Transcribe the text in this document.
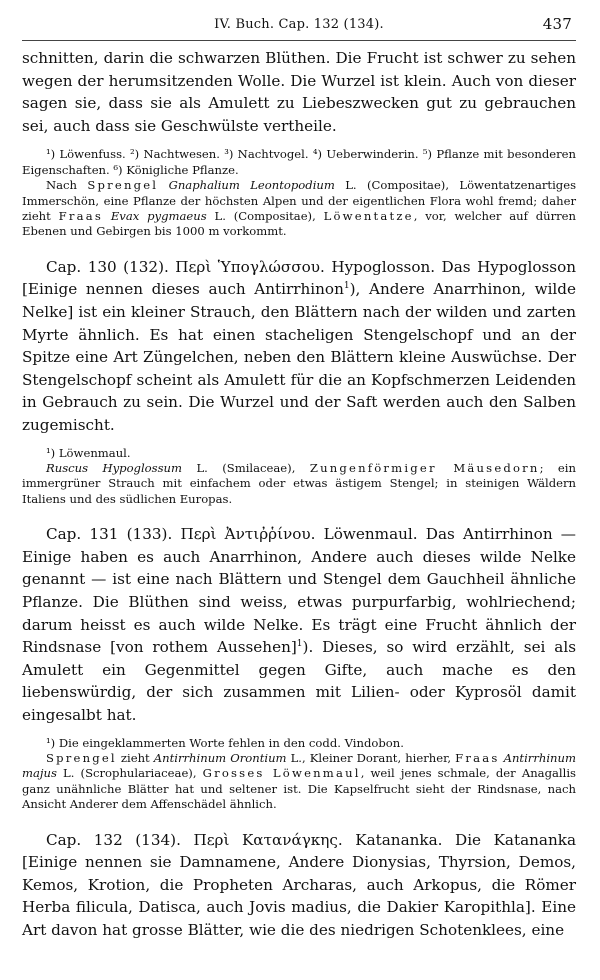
IV. Buch. Cap. 132 (134).	437

schnitten, darin die schwarzen Blüthen. Die Frucht ist schwer zu sehen wegen der herumsitzenden Wolle. Die Wurzel ist klein. Auch von dieser sagen sie, dass sie als Amulett zu Liebeszwecken gut zu gebrauchen sei, auch dass sie Geschwülste vertheile.

¹) Löwenfuss. ²) Nachtwesen. ³) Nachtvogel. ⁴) Ueberwinderin. ⁵) Pflanze mit besonderen Eigenschaften. ⁶) Königliche Pflanze.

Nach Sprengel Gnaphalium Leontopodium L. (Compositae), Löwentatzenartiges Immerschön, eine Pflanze der höchsten Alpen und der eigentlichen Flora wohl fremd; daher zieht Fraas Evax pygmaeus L. (Compositae), Löwentatze, vor, welcher auf dürren Ebenen und Gebirgen bis 1000 m vorkommt.

Cap. 130 (132). Περὶ Ὑπογλώσσου. Hypoglosson. Das Hypoglosson [Einige nennen dieses auch Antirrhinon$^1$), Andere Anarrhinon, wilde Nelke] ist ein kleiner Strauch, den Blättern nach der wilden und zarten Myrte ähnlich. Es hat einen stacheligen Stengelschopf und an der Spitze eine Art Züngelchen, neben den Blättern kleine Auswüchse. Der Stengelschopf scheint als Amulett für die an Kopfschmerzen Leidenden in Gebrauch zu sein. Die Wurzel und der Saft werden auch den Salben zugemischt.

¹) Löwenmaul.

Ruscus Hypoglossum L. (Smilaceae), Zungenförmiger Mäusedorn; ein immergrüner Strauch mit einfachem oder etwas ästigem Stengel; in steinigen Wäldern Italiens und des südlichen Europas.

Cap. 131 (133). Περὶ Ἀντιῤῥίνου. Löwenmaul. Das Antirrhinon — Einige haben es auch Anarrhinon, Andere auch dieses wilde Nelke genannt — ist eine nach Blättern und Stengel dem Gauchheil ähnliche Pflanze. Die Blüthen sind weiss, etwas purpurfarbig, wohlriechend; darum heisst es auch wilde Nelke. Es trägt eine Frucht ähnlich der Rindsnase [von rothem Aussehen]$^1$). Dieses, so wird erzählt, sei als Amulett ein Gegenmittel gegen Gifte, auch mache es den liebenswürdig, der sich zusammen mit Lilien- oder Kyprosöl damit eingesalbt hat.

¹) Die eingeklammerten Worte fehlen in den codd. Vindobon.

Sprengel zieht Antirrhinum Orontium L., Kleiner Dorant, hierher, Fraas Antirrhinum majus L. (Scrophulariaceae), Grosses Löwenmaul, weil jenes schmale, der Anagallis ganz unähnliche Blätter hat und seltener ist. Die Kapselfrucht sieht der Rindsnase, nach Ansicht Anderer dem Affenschädel ähnlich.

Cap. 132 (134). Περὶ Κατανάγκης. Katananka. Die Katananka [Einige nennen sie Damnamene, Andere Dionysias, Thyrsion, Demos, Kemos, Krotion, die Propheten Archaras, auch Arkopus, die Römer Herba filicula, Datisca, auch Jovis madius, die Dakier Karopithla]. Eine Art davon hat grosse Blätter, wie die des niedrigen Schotenklees, eine
